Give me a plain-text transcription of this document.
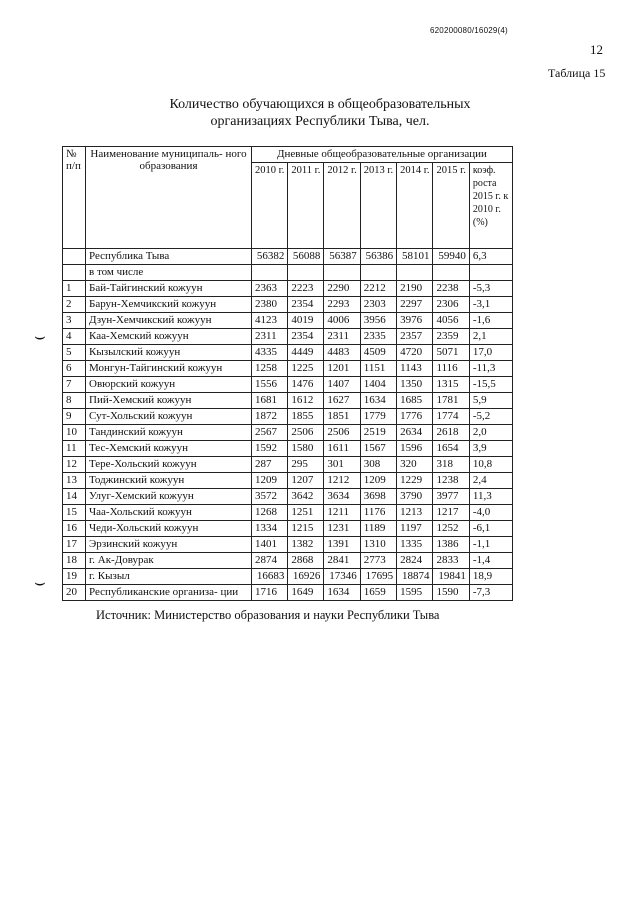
620200080/16029(4)
12
Таблица 15
Количество обучающихся в общеобразовательных
организациях Республики Тыва, чел.
№ п/п	Наименование муниципаль- ного образования	Дневные общеобразовательные организации						
		2010 г.	2011 г.	2012 г.	2013 г.	2014 г.	2015 г.	коэф. роста 2015 г. к 2010 г. (%)
	Республика Тыва	56382	56088	56387	56386	58101	59940	6,3
	в том числе							
1	Бай-Тайгинский кожуун	2363	2223	2290	2212	2190	2238	-5,3
2	Барун-Хемчикский кожуун	2380	2354	2293	2303	2297	2306	-3,1
3	Дзун-Хемчикский кожуун	4123	4019	4006	3956	3976	4056	-1,6
4	Каа-Хемский кожуун	2311	2354	2311	2335	2357	2359	2,1
5	Кызылский кожуун	4335	4449	4483	4509	4720	5071	17,0
6	Монгун-Тайгинский кожуун	1258	1225	1201	1151	1143	1116	-11,3
7	Овюрский кожуун	1556	1476	1407	1404	1350	1315	-15,5
8	Пий-Хемский кожуун	1681	1612	1627	1634	1685	1781	5,9
9	Сут-Хольский кожуун	1872	1855	1851	1779	1776	1774	-5,2
10	Тандинский кожуун	2567	2506	2506	2519	2634	2618	2,0
11	Тес-Хемский кожуун	1592	1580	1611	1567	1596	1654	3,9
12	Тере-Хольский кожуун	287	295	301	308	320	318	10,8
13	Тоджинский кожуун	1209	1207	1212	1209	1229	1238	2,4
14	Улуг-Хемский кожуун	3572	3642	3634	3698	3790	3977	11,3
15	Чаа-Хольский кожуун	1268	1251	1211	1176	1213	1217	-4,0
16	Чеди-Хольский кожуун	1334	1215	1231	1189	1197	1252	-6,1
17	Эрзинский кожуун	1401	1382	1391	1310	1335	1386	-1,1
18	г. Ак-Довурак	2874	2868	2841	2773	2824	2833	-1,4
19	г. Кызыл	16683	16926	17346	17695	18874	19841	18,9
20	Республиканские организа- ции	1716	1649	1634	1659	1595	1590	-7,3
Источник: Министерство образования и науки Республики Тыва
⌣
⌣
